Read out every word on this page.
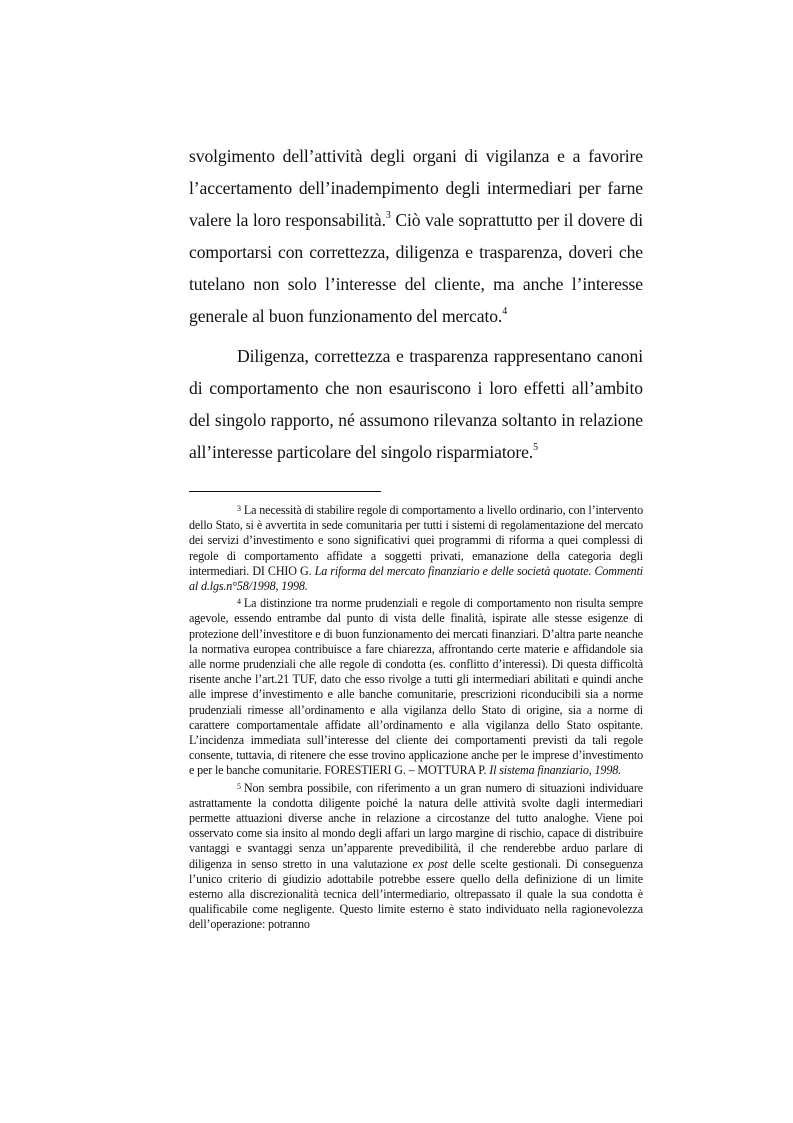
svolgimento dell’attività degli organi di vigilanza e a favorire l’accertamento dell’inadempimento degli intermediari per farne valere la loro responsabilità.$^3$ Ciò vale soprattutto per il dovere di comportarsi con correttezza, diligenza e trasparenza, doveri che tutelano non solo l’interesse del cliente, ma anche l’interesse generale al buon funzionamento del mercato.$^4$

Diligenza, correttezza e trasparenza rappresentano canoni di comportamento che non esauriscono i loro effetti all’ambito del singolo rapporto, né assumono rilevanza soltanto in relazione all’interesse particolare del singolo risparmiatore.$^5$

$^3$ La necessità di stabilire regole di comportamento a livello ordinario, con l’intervento dello Stato, si è avvertita in sede comunitaria per tutti i sistemi di regolamentazione del mercato dei servizi d’investimento e sono significativi quei programmi di riforma a quei complessi di regole di comportamento affidate a soggetti privati, emanazione della categoria degli intermediari. DI CHIO G. La riforma del mercato finanziario e delle società quotate. Commenti al d.lgs.n°58/1998, 1998.

$^4$ La distinzione tra norme prudenziali e regole di comportamento non risulta sempre agevole, essendo entrambe dal punto di vista delle finalità, ispirate alle stesse esigenze di protezione dell’investitore e di buon funzionamento dei mercati finanziari. D’altra parte neanche la normativa europea contribuisce a fare chiarezza, affrontando certe materie e affidandole sia alle norme prudenziali che alle regole di condotta (es. conflitto d’interessi). Di questa difficoltà risente anche l’art.21 TUF, dato che esso rivolge a tutti gli intermediari abilitati e quindi anche alle imprese d’investimento e alle banche comunitarie, prescrizioni riconducibili sia a norme prudenziali rimesse all’ordinamento e alla vigilanza dello Stato di origine, sia a norme di carattere comportamentale affidate all’ordinamento e alla vigilanza dello Stato ospitante. L’incidenza immediata sull’interesse del cliente dei comportamenti previsti da tali regole consente, tuttavia, di ritenere che esse trovino applicazione anche per le imprese d’investimento e per le banche comunitarie. FORESTIERI G. – MOTTURA P. Il sistema finanziario, 1998.

$^5$ Non sembra possibile, con riferimento a un gran numero di situazioni individuare astrattamente la condotta diligente poiché la natura delle attività svolte dagli intermediari permette attuazioni diverse anche in relazione a circostanze del tutto analoghe. Viene poi osservato come sia insito al mondo degli affari un largo margine di rischio, capace di distribuire vantaggi e svantaggi senza un’apparente prevedibilità, il che renderebbe arduo parlare di diligenza in senso stretto in una valutazione ex post delle scelte gestionali. Di conseguenza l’unico criterio di giudizio adottabile potrebbe essere quello della definizione di un limite esterno alla discrezionalità tecnica dell’intermediario, oltrepassato il quale la sua condotta è qualificabile come negligente. Questo limite esterno è stato individuato nella ragionevolezza dell’operazione: potranno
